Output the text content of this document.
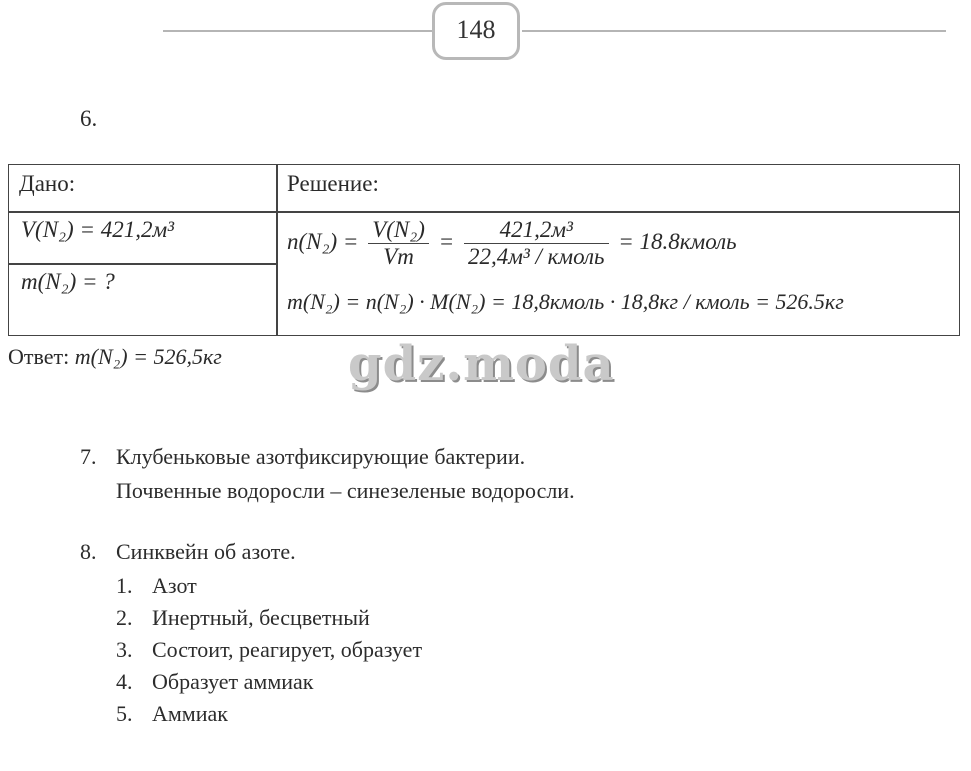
148
6.
Дано:	Решение:
V(N₂) = 421,2м³
m(N₂) = ?
$n(N_2) = \frac{\text{V(N₂)}}{Vm} = \frac{\text{421,2м³}}{\text{22,4м³ / кмоль}}$ = 18.8кмоль
m(N₂) = n(N₂) · M(N₂) = 18,8кмоль · 18,8кг / кмоль = 526.5кг
Ответ: m(N₂) = 526,5кг	gdz.moda
7. Клубеньковые азотфиксирующие бактерии.
Почвенные водоросли – синезеленые водоросли.
8. Синквейн об азоте.
1. Азот
2. Инертный, бесцветный
3. Состоит, реагирует, образует
4. Образует аммиак
5. Аммиак
